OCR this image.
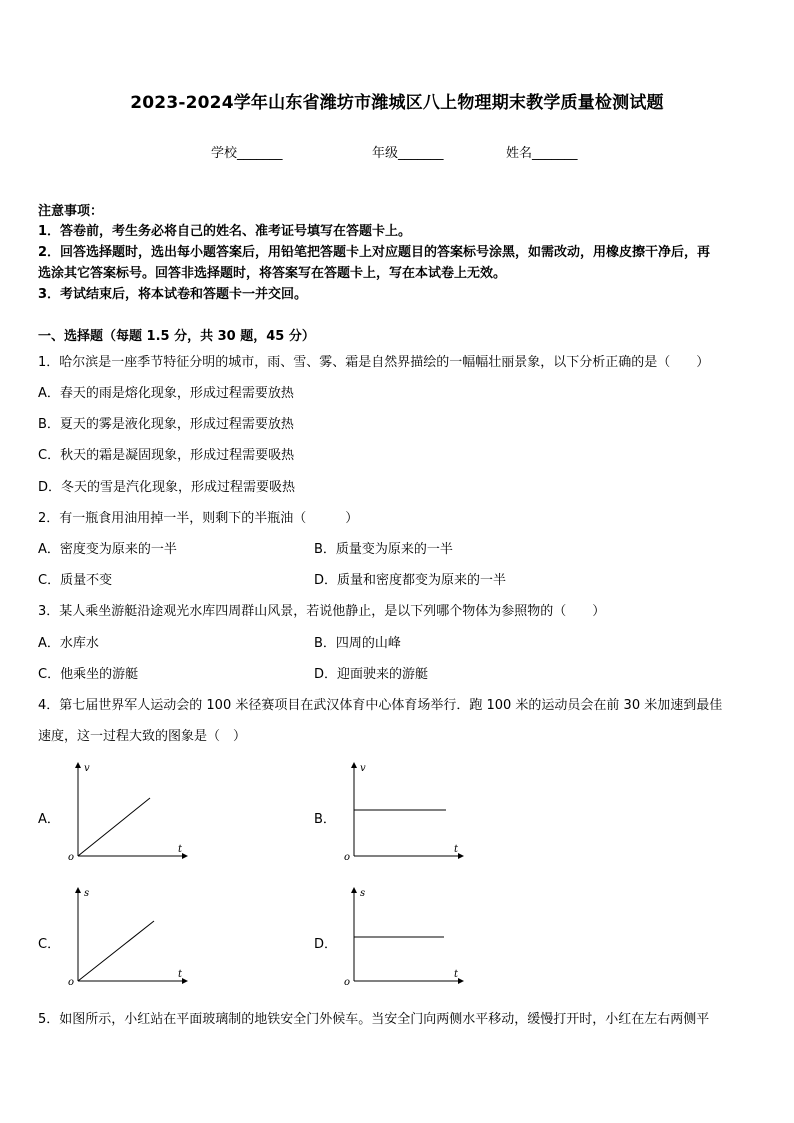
2023-2024学年山东省潍坊市潍城区八上物理期末教学质量检测试题
学校_______	年级_______	姓名_______
注意事项：
1．答卷前，考生务必将自己的姓名、准考证号填写在答题卡上。
2．回答选择题时，选出每小题答案后，用铅笔把答题卡上对应题目的答案标号涂黑，如需改动，用橡皮擦干净后，再
选涂其它答案标号。回答非选择题时，将答案写在答题卡上，写在本试卷上无效。
3．考试结束后，将本试卷和答题卡一并交回。
一、选择题（每题 1.5 分，共 30 题，45 分）
1．哈尔滨是一座季节特征分明的城市，雨、雪、雾、霜是自然界描绘的一幅幅壮丽景象，以下分析正确的是（　　）
A．春天的雨是熔化现象，形成过程需要放热
B．夏天的雾是液化现象，形成过程需要放热
C．秋天的霜是凝固现象，形成过程需要吸热
D．冬天的雪是汽化现象，形成过程需要吸热
2．有一瓶食用油用掉一半，则剩下的半瓶油（　　　）
A．密度变为原来的一半	B．质量变为原来的一半
C．质量不变	D．质量和密度都变为原来的一半
3．某人乘坐游艇沿途观光水库四周群山风景，若说他静止，是以下列哪个物体为参照物的（　　）
A．水库水	B．四周的山峰
C．他乘坐的游艇	D．迎面驶来的游艇
4．第七届世界军人运动会的 100 米径赛项目在武汉体育中心体育场举行．跑 100 米的运动员会在前 30 米加速到最佳
速度，这一过程大致的图象是（　）
A．
v
t
o
B．
v
t
o
C．
s
t
o
D．
s
t
o
5．如图所示，小红站在平面玻璃制的地铁安全门外候车。当安全门向两侧水平移动，缓慢打开时，小红在左右两侧平
